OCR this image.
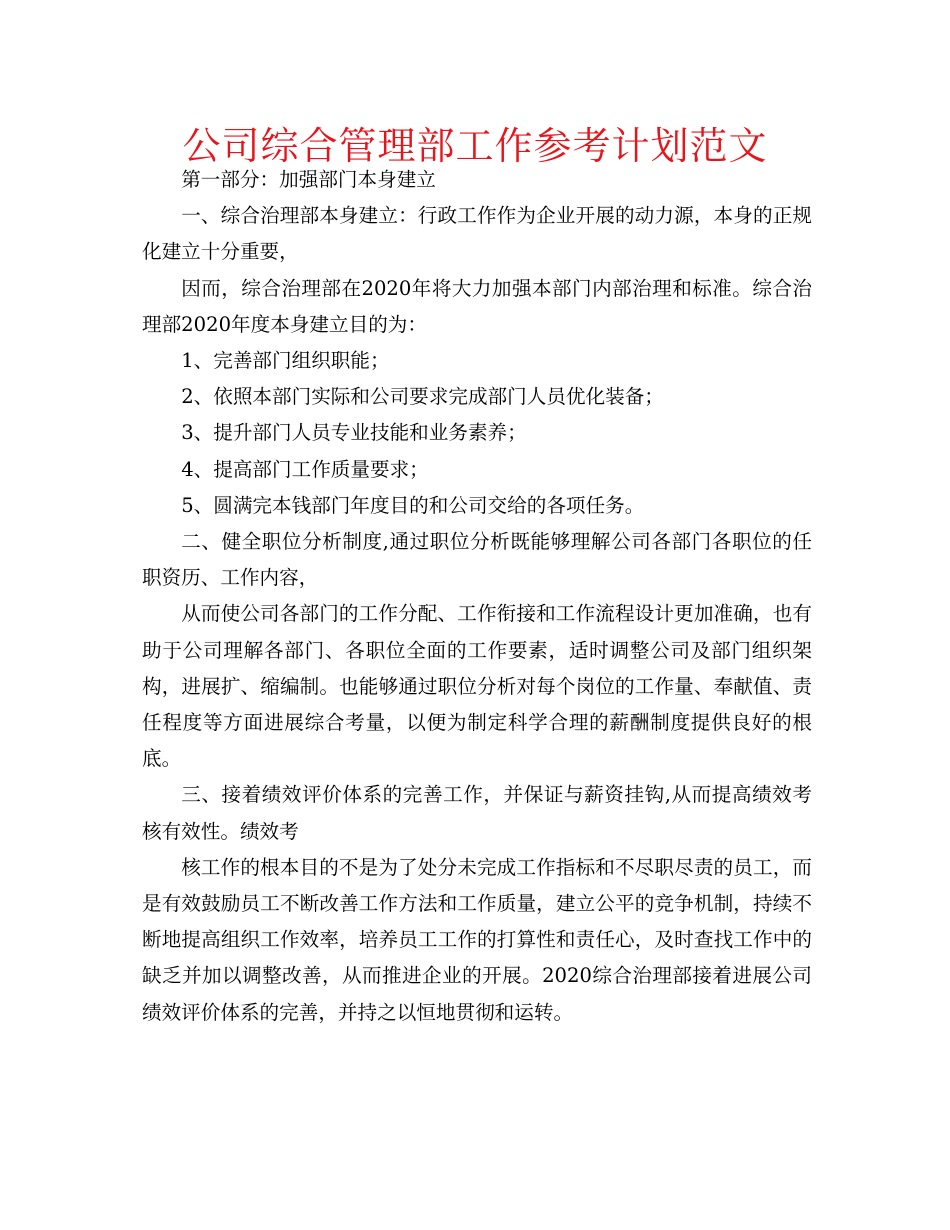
公司综合管理部工作参考计划范文

第一部分：加强部门本身建立

一、综合治理部本身建立：行政工作作为企业开展的动力源，本身的正规化建立十分重要，

因而，综合治理部在2020年将大力加强本部门内部治理和标准。综合治理部2020年度本身建立目的为：

1、完善部门组织职能；

2、依照本部门实际和公司要求完成部门人员优化装备；

3、提升部门人员专业技能和业务素养；

4、提高部门工作质量要求；

5、圆满完本钱部门年度目的和公司交给的各项任务。

二、健全职位分析制度,通过职位分析既能够理解公司各部门各职位的任职资历、工作内容，

从而使公司各部门的工作分配、工作衔接和工作流程设计更加准确，也有助于公司理解各部门、各职位全面的工作要素，适时调整公司及部门组织架构，进展扩、缩编制。也能够通过职位分析对每个岗位的工作量、奉献值、责任程度等方面进展综合考量，以便为制定科学合理的薪酬制度提供良好的根底。

三、接着绩效评价体系的完善工作，并保证与薪资挂钩,从而提高绩效考核有效性。绩效考

核工作的根本目的不是为了处分未完成工作指标和不尽职尽责的员工，而是有效鼓励员工不断改善工作方法和工作质量，建立公平的竞争机制，持续不断地提高组织工作效率，培养员工工作的打算性和责任心，及时查找工作中的缺乏并加以调整改善，从而推进企业的开展。2020综合治理部接着进展公司绩效评价体系的完善，并持之以恒地贯彻和运转。
